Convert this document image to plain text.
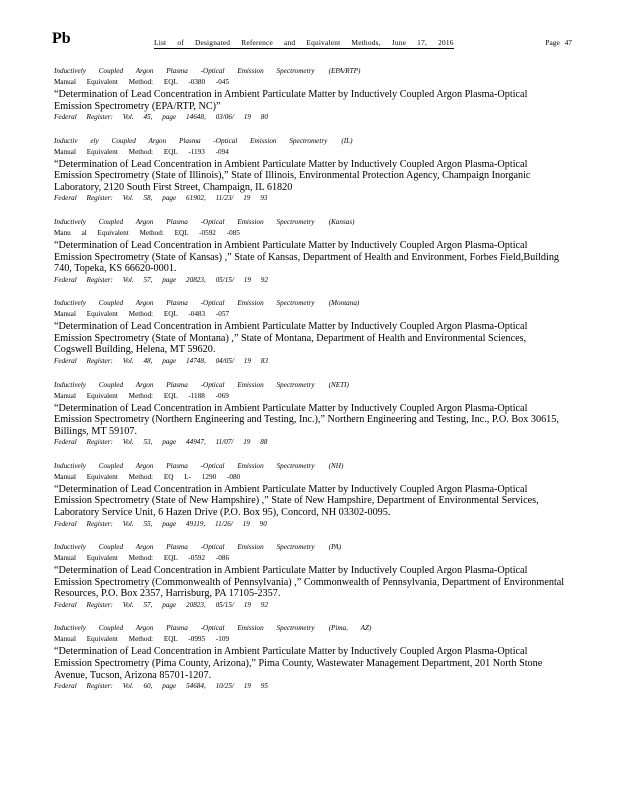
Pb	List of Designated Reference and Equivalent Methods, June 17, 2016	Page 47
Inductively Coupled Argon Plasma -Optical Emission Spectrometry (EPA/RTP)
Manual Equivalent Method: EQL -0380 -045
“Determination of Lead Concentration in Ambient Particulate Matter by Inductively Coupled Argon Plasma-Optical Emission Spectrometry (EPA/RTP, NC)”
Federal Register: Vol. 45, page 14648, 03/06/ 19 80
Inductiv ely Coupled Argon Plasma -Optical Emission Spectrometry (IL)
Manual Equivalent Method: EQL -1193 -094
“Determination of Lead Concentration in Ambient Particulate Matter by Inductively Coupled Argon Plasma-Optical Emission Spectrometry (State of Illinois),” State of Illinois, Environmental Protection Agency, Champaign Inorganic Laboratory, 2120 South First Street, Champaign, IL 61820
Federal Register: Vol. 58, page 61902, 11/23/ 19 93
Inductively Coupled Argon Plasma -Optical Emission Spectrometry (Kansas)
Manu al Equivalent Method: EQL -0592 -085
“Determination of Lead Concentration in Ambient Particulate Matter by Inductively Coupled Argon Plasma-Optical Emission Spectrometry (State of Kansas) ,” State of Kansas, Department of Health and Environment, Forbes Field,Building 740, Topeka, KS 66620-0001.
Federal Register: Vol. 57, page 20823, 05/15/ 19 92
Inductively Coupled Argon Plasma -Optical Emission Spectrometry (Montana)
Manual Equivalent Method: EQL -0483 -057
“Determination of Lead Concentration in Ambient Particulate Matter by Inductively Coupled Argon Plasma-Optical Emission Spectrometry (State of Montana) ,” State of Montana, Department of Health and Environmental Sciences, Cogswell Building, Helena, MT 59620.
Federal Register: Vol. 48, page 14748, 04/05/ 19 83
Inductively Coupled Argon Plasma -Optical Emission Spectrometry (NETI)
Manual Equivalent Method: EQL -1188 -069
“Determination of Lead Concentration in Ambient Particulate Matter by Inductively Coupled Argon Plasma-Optical Emission Spectrometry (Northern Engineering and Testing, Inc.),” Northern Engineering and Testing, Inc., P.O. Box 30615, Billings, MT 59107.
Federal Register: Vol. 53, page 44947, 11/07/ 19 88
Inductively Coupled Argon Plasma -Optical Emission Spectrometry (NH)
Manual Equivalent Method: EQ L- 1290 -080
“Determination of Lead Concentration in Ambient Particulate Matter by Inductively Coupled Argon Plasma-Optical Emission Spectrometry (State of New Hampshire) ,” State of New Hampshire, Department of Environmental Services, Laboratory Service Unit, 6 Hazen Drive (P.O. Box 95), Concord, NH 03302-0095.
Federal Register: Vol. 55, page 49119, 11/26/ 19 90
Inductively Coupled Argon Plasma -Optical Emission Spectrometry (PA)
Manual Equivalent Method: EQL -0592 -086
“Determination of Lead Concentration in Ambient Particulate Matter by Inductively Coupled Argon Plasma-Optical Emission Spectrometry (Commonwealth of Pennsylvania) ,” Commonwealth of Pennsylvania, Department of Environmental Resources, P.O. Box 2357, Harrisburg, PA 17105-2357.
Federal Register: Vol. 57, page 20823, 05/15/ 19 92
Inductively Coupled Argon Plasma -Optical Emission Spectrometry (Pima, AZ)
Manual Equivalent Method: EQL -0995 -109
“Determination of Lead Concentration in Ambient Particulate Matter by Inductively Coupled Argon Plasma-Optical Emission Spectrometry (Pima County, Arizona),” Pima County, Wastewater Management Department, 201 North Stone Avenue, Tucson, Arizona 85701-1207.
Federal Register: Vol. 60, page 54684, 10/25/ 19 95
